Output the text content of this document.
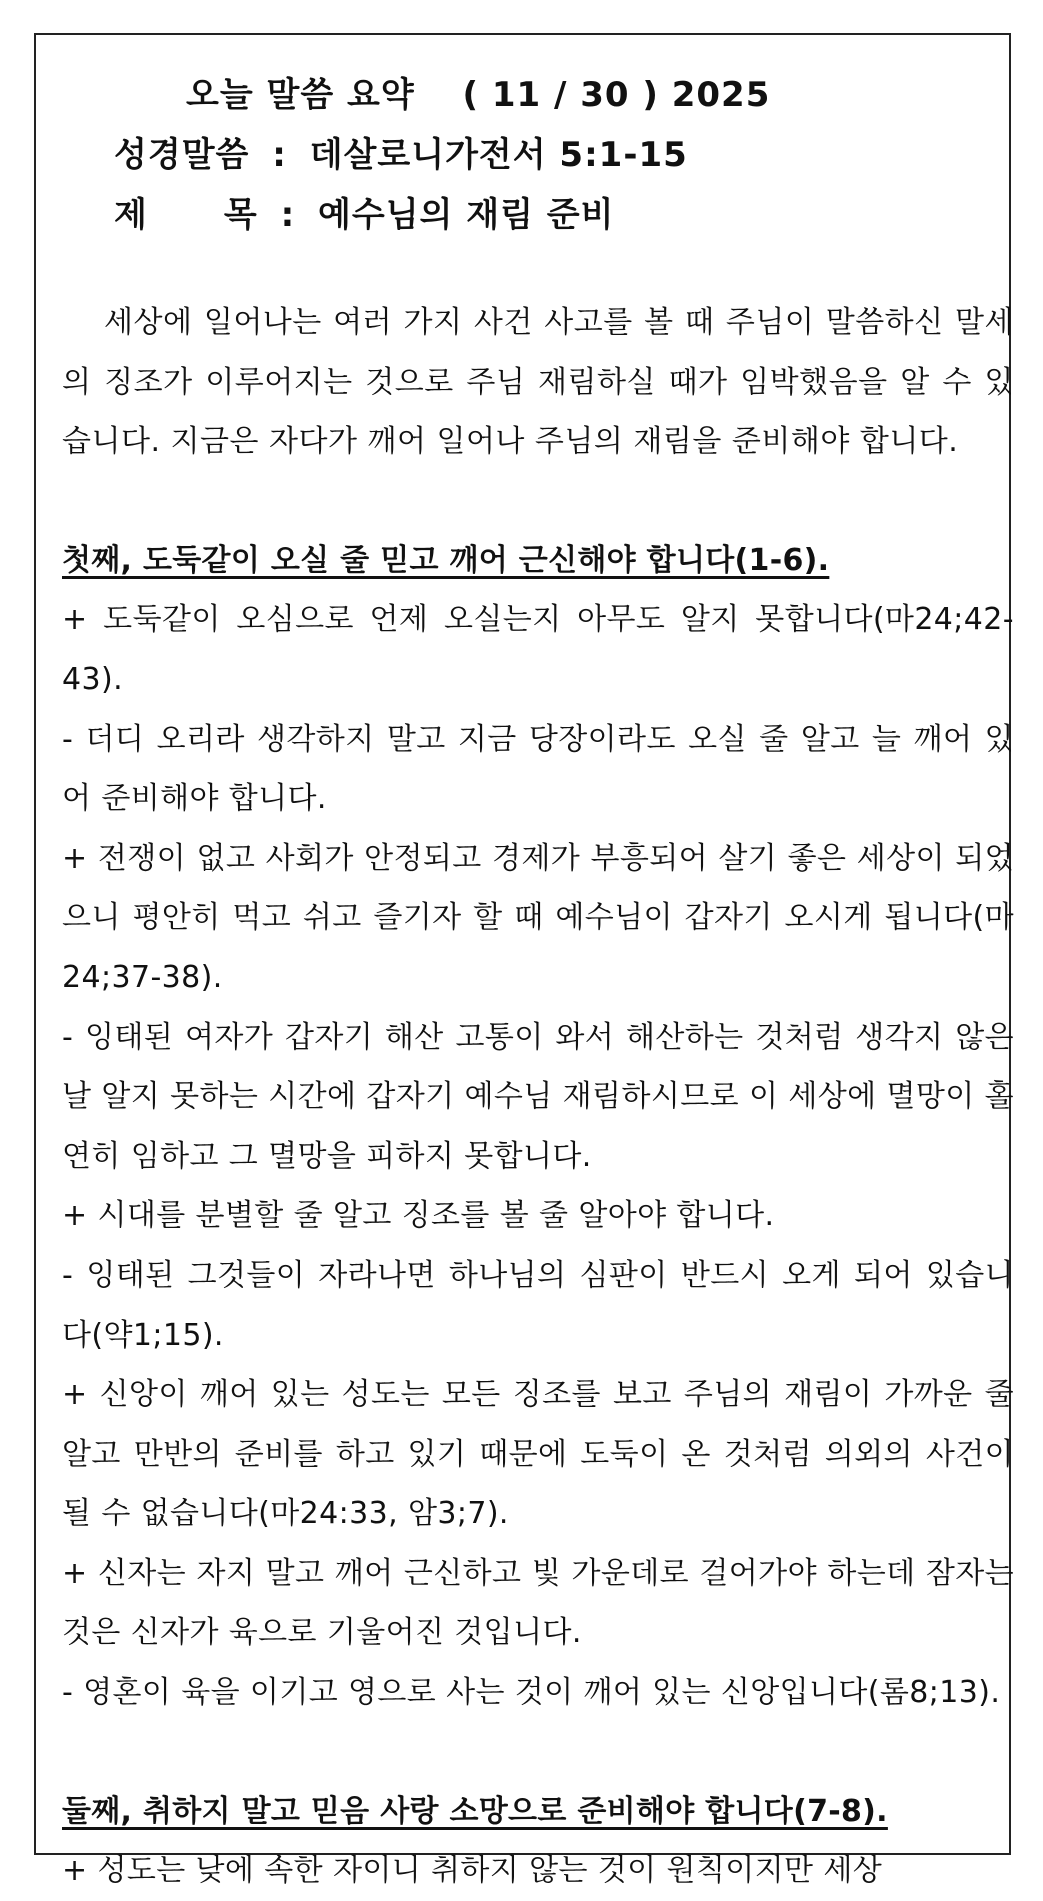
오늘 말씀 요약 ( 11 / 30 ) 2025
성경말씀 : 데살로니가전서 5:1-15
제 목 : 예수님의 재림 준비

세상에 일어나는 여러 가지 사건 사고를 볼 때 주님이 말씀하신 말세의 징조가 이루어지는 것으로 주님 재림하실 때가 임박했음을 알 수 있습니다. 지금은 자다가 깨어 일어나 주님의 재림을 준비해야 합니다.

첫째, 도둑같이 오실 줄 믿고 깨어 근신해야 합니다(1-6).

+ 도둑같이 오심으로 언제 오실는지 아무도 알지 못합니다(마24;42-43).

- 더디 오리라 생각하지 말고 지금 당장이라도 오실 줄 알고 늘 깨어 있어 준비해야 합니다.

+ 전쟁이 없고 사회가 안정되고 경제가 부흥되어 살기 좋은 세상이 되었으니 평안히 먹고 쉬고 즐기자 할 때 예수님이 갑자기 오시게 됩니다(마24;37-38).

- 잉태된 여자가 갑자기 해산 고통이 와서 해산하는 것처럼 생각지 않은 날 알지 못하는 시간에 갑자기 예수님 재림하시므로 이 세상에 멸망이 홀연히 임하고 그 멸망을 피하지 못합니다.

+ 시대를 분별할 줄 알고 징조를 볼 줄 알아야 합니다.

- 잉태된 그것들이 자라나면 하나님의 심판이 반드시 오게 되어 있습니다(약1;15).

+ 신앙이 깨어 있는 성도는 모든 징조를 보고 주님의 재림이 가까운 줄 알고 만반의 준비를 하고 있기 때문에 도둑이 온 것처럼 의외의 사건이 될 수 없습니다(마24:33, 암3;7).

+ 신자는 자지 말고 깨어 근신하고 빛 가운데로 걸어가야 하는데 잠자는 것은 신자가 육으로 기울어진 것입니다.

- 영혼이 육을 이기고 영으로 사는 것이 깨어 있는 신앙입니다(롬8;13).

둘째, 취하지 말고 믿음 사랑 소망으로 준비해야 합니다(7-8).

+ 성도는 낮에 속한 자이니 취하지 않는 것이 원칙이지만 세상
